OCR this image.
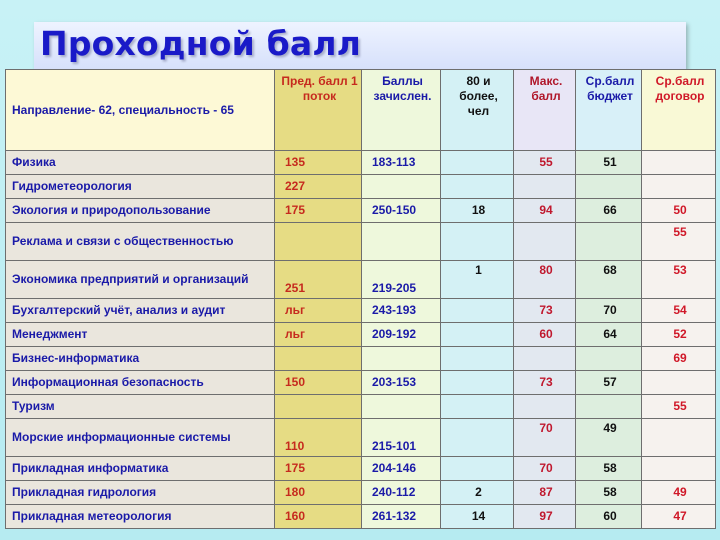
Проходной балл
Направление- 62, специальность - 65	Пред. балл 1 поток	Баллы зачислен.	80 и более, чел	Макс. балл	Ср.балл бюджет	Ср.балл договор
Физика	135	183-113		55	51	
Гидрометеорология	227					
Экология и природопользование	175	250-150	18	94	66	50
Реклама и связи с общественностью						55
Экономика предприятий и организаций	251	219-205	1	80	68	53
Бухгалтерский учёт, анализ и аудит	льг	243-193		73	70	54
Менеджмент	льг	209-192		60	64	52
Бизнес-информатика						69
Информационная безопасность	150	203-153		73	57	
Туризм						55
Морские информационные системы	110	215-101		70	49	
Прикладная информатика	175	204-146		70	58	
Прикладная гидрология	180	240-112	2	87	58	49
Прикладная метеорология	160	261-132	14	97	60	47
